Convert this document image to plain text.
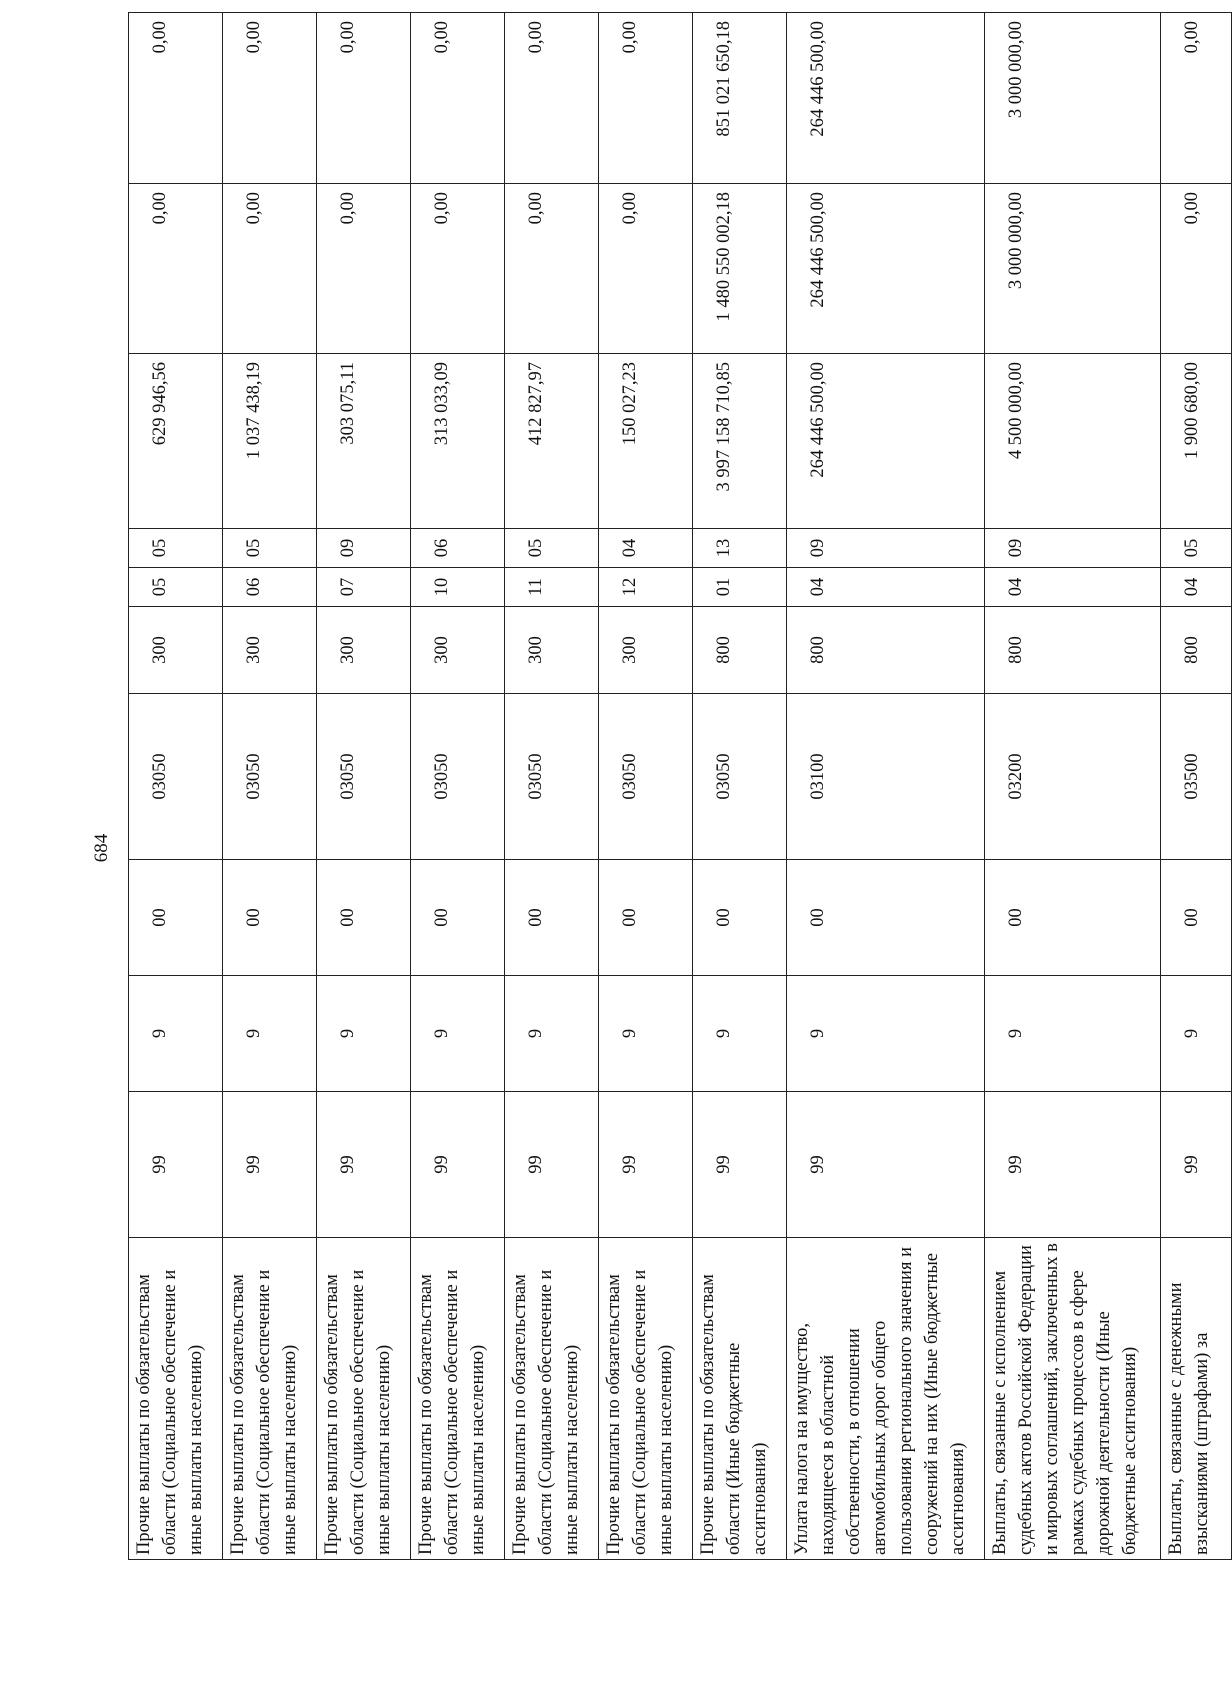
684
Прочие выплаты по обязательствам области (Социальное обеспечение и иные выплаты населению)	99	9	00	03050	300	05	05	629 946,56	0,00	0,00
Прочие выплаты по обязательствам области (Социальное обеспечение и иные выплаты населению)	99	9	00	03050	300	06	05	1 037 438,19	0,00	0,00
Прочие выплаты по обязательствам области (Социальное обеспечение и иные выплаты населению)	99	9	00	03050	300	07	09	303 075,11	0,00	0,00
Прочие выплаты по обязательствам области (Социальное обеспечение и иные выплаты населению)	99	9	00	03050	300	10	06	313 033,09	0,00	0,00
Прочие выплаты по обязательствам области (Социальное обеспечение и иные выплаты населению)	99	9	00	03050	300	11	05	412 827,97	0,00	0,00
Прочие выплаты по обязательствам области (Социальное обеспечение и иные выплаты населению)	99	9	00	03050	300	12	04	150 027,23	0,00	0,00
Прочие выплаты по обязательствам области (Иные бюджетные ассигнования)	99	9	00	03050	800	01	13	3 997 158 710,85	1 480 550 002,18	851 021 650,18
Уплата налога на имущество, находящееся в областной собственности, в отношении автомобильных дорог общего пользования регионального значения и сооружений на них (Иные бюджетные ассигнования)	99	9	00	03100	800	04	09	264 446 500,00	264 446 500,00	264 446 500,00
Выплаты, связанные с исполнением судебных актов Российской Федерации и мировых соглашений, заключенных в рамках судебных процессов в сфере дорожной деятельности (Иные бюджетные ассигнования)	99	9	00	03200	800	04	09	4 500 000,00	3 000 000,00	3 000 000,00
Выплаты, связанные с денежными взысканиями (штрафами) за	99	9	00	03500	800	04	05	1 900 680,00	0,00	0,00
